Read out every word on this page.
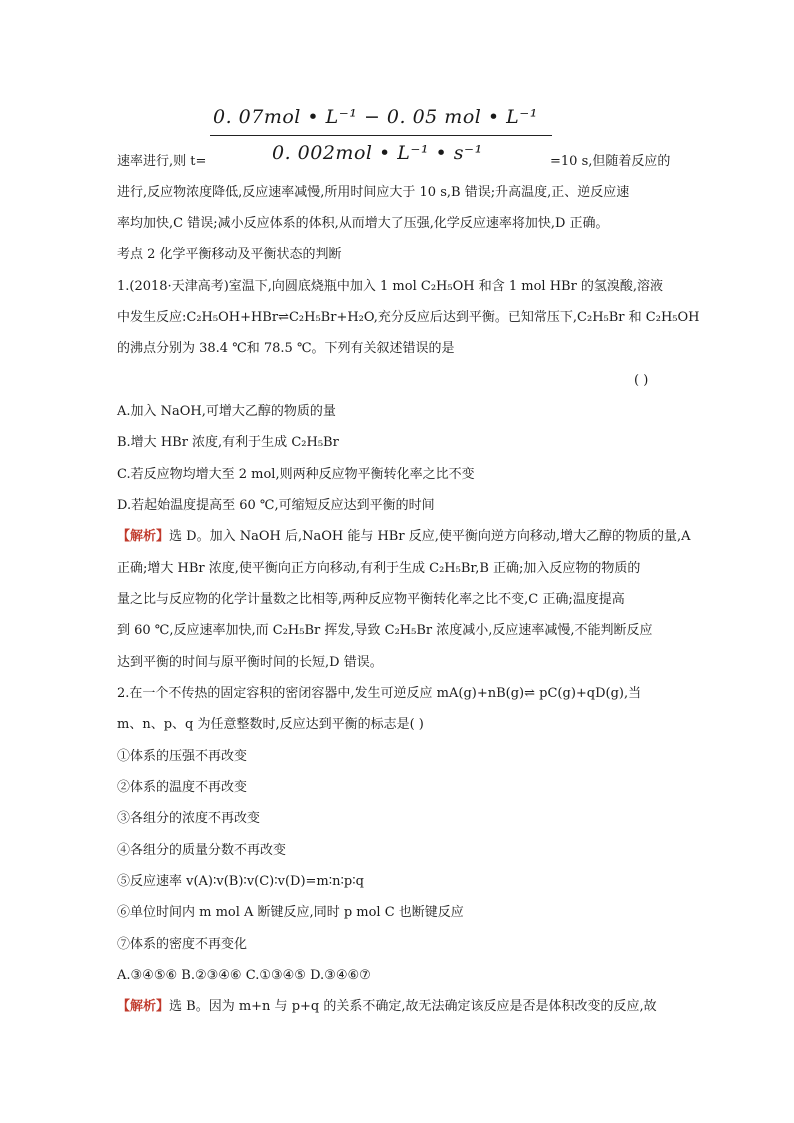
0. 07mol • L⁻¹ − 0. 05 mol • L⁻¹
0. 002mol • L⁻¹ • s⁻¹
速率进行,则 t=	=10 s,但随着反应的
进行,反应物浓度降低,反应速率减慢,所用时间应大于 10 s,B 错误;升高温度,正、逆反应速
率均加快,C 错误;减小反应体系的体积,从而增大了压强,化学反应速率将加快,D 正确。
考点 2 化学平衡移动及平衡状态的判断
1.(2018·天津高考)室温下,向圆底烧瓶中加入 1 mol C₂H₅OH 和含 1 mol HBr 的氢溴酸,溶液
中发生反应:C₂H₅OH+HBr⇌C₂H₅Br+H₂O,充分反应后达到平衡。已知常压下,C₂H₅Br 和 C₂H₅OH
的沸点分别为 38.4 ℃和 78.5 ℃。下列有关叙述错误的是
( )
A.加入 NaOH,可增大乙醇的物质的量
B.增大 HBr 浓度,有利于生成 C₂H₅Br
C.若反应物均增大至 2 mol,则两种反应物平衡转化率之比不变
D.若起始温度提高至 60 ℃,可缩短反应达到平衡的时间
【解析】选 D。加入 NaOH 后,NaOH 能与 HBr 反应,使平衡向逆方向移动,增大乙醇的物质的量,A
正确;增大 HBr 浓度,使平衡向正方向移动,有利于生成 C₂H₅Br,B 正确;加入反应物的物质的
量之比与反应物的化学计量数之比相等,两种反应物平衡转化率之比不变,C 正确;温度提高
到 60 ℃,反应速率加快,而 C₂H₅Br 挥发,导致 C₂H₅Br 浓度减小,反应速率减慢,不能判断反应
达到平衡的时间与原平衡时间的长短,D 错误。
2.在一个不传热的固定容积的密闭容器中,发生可逆反应 mA(g)+nB(g)⇌ pC(g)+qD(g),当
m、n、p、q 为任意整数时,反应达到平衡的标志是( )
①体系的压强不再改变
②体系的温度不再改变
③各组分的浓度不再改变
④各组分的质量分数不再改变
⑤反应速率 v(A)∶v(B)∶v(C)∶v(D)=m∶n∶p∶q
⑥单位时间内 m mol A 断键反应,同时 p mol C 也断键反应
⑦体系的密度不再变化
A.③④⑤⑥ B.②③④⑥ C.①③④⑤ D.③④⑥⑦
【解析】选 B。因为 m+n 与 p+q 的关系不确定,故无法确定该反应是否是体积改变的反应,故
